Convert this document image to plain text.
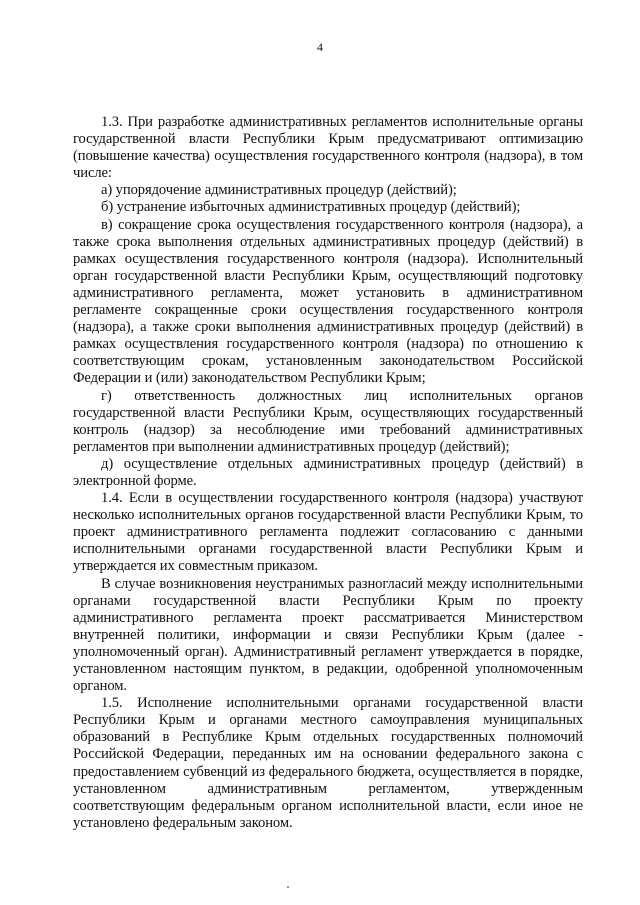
4

1.3. При разработке административных регламентов исполнительные органы государственной власти Республики Крым предусматривают оптимизацию (повышение качества) осуществления государственного контроля (надзора), в том числе:

а) упорядочение административных процедур (действий);

б) устранение избыточных административных процедур (действий);

в) сокращение срока осуществления государственного контроля (надзора), а также срока выполнения отдельных административных процедур (действий) в рамках осуществления государственного контроля (надзора). Исполнительный орган государственной власти Республики Крым, осуществляющий подготовку административного регламента, может установить в административном регламенте сокращенные сроки осуществления государственного контроля (надзора), а также сроки выполнения административных процедур (действий) в рамках осуществления государственного контроля (надзора) по отношению к соответствующим срокам, установленным законодательством Российской Федерации и (или) законодательством Республики Крым;

г) ответственность должностных лиц исполнительных органов государственной власти Республики Крым, осуществляющих государственный контроль (надзор) за несоблюдение ими требований административных регламентов при выполнении административных процедур (действий);

д) осуществление отдельных административных процедур (действий) в электронной форме.

1.4. Если в осуществлении государственного контроля (надзора) участвуют несколько исполнительных органов государственной власти Республики Крым, то проект административного регламента подлежит согласованию с данными исполнительными органами государственной власти Республики Крым и утверждается их совместным приказом.

В случае возникновения неустранимых разногласий между исполнительными органами государственной власти Республики Крым по проекту административного регламента проект рассматривается Министерством внутренней политики, информации и связи Республики Крым (далее - уполномоченный орган). Административный регламент утверждается в порядке, установленном настоящим пунктом, в редакции, одобренной уполномоченным органом.

1.5. Исполнение исполнительными органами государственной власти Республики Крым и органами местного самоуправления муниципальных образований в Республике Крым отдельных государственных полномочий Российской Федерации, переданных им на основании федерального закона с предоставлением субвенций из федерального бюджета, осуществляется в порядке, установленном административным регламентом, утвержденным соответствующим федеральным органом исполнительной власти, если иное не установлено федеральным законом.
